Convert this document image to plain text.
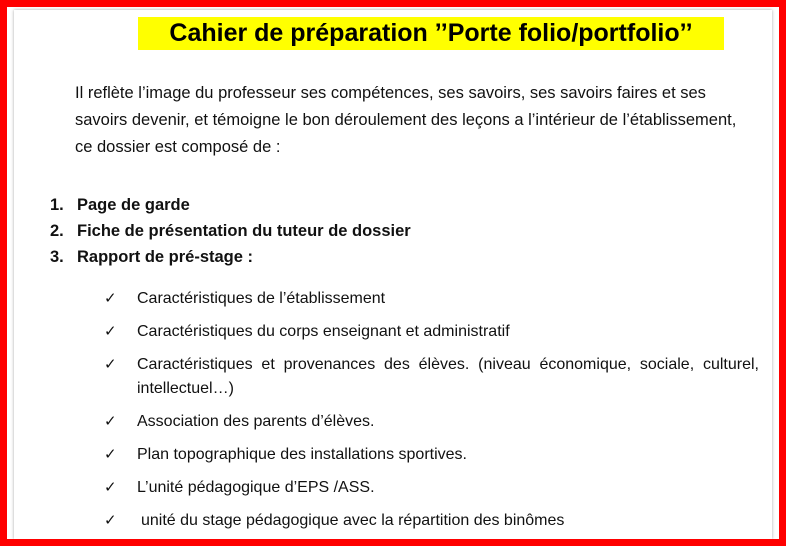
Cahier de préparation ’’Porte folio/portfolio’’
Il reflète l’image du professeur ses compétences, ses savoirs, ses savoirs faires et ses savoirs devenir, et témoigne le bon déroulement des leçons a l’intérieur de l’établissement, ce dossier est composé de :
1. Page de garde
2. Fiche de présentation du tuteur de dossier
3. Rapport de pré-stage :
✓	Caractéristiques de l’établissement
✓	Caractéristiques du corps enseignant et administratif
✓	Caractéristiques et provenances des élèves. (niveau économique, sociale, culturel, intellectuel…)
✓	Association des parents d’élèves.
✓	Plan topographique des installations sportives.
✓	L’unité pédagogique d’EPS /ASS.
✓	unité du stage pédagogique avec la répartition des binômes
